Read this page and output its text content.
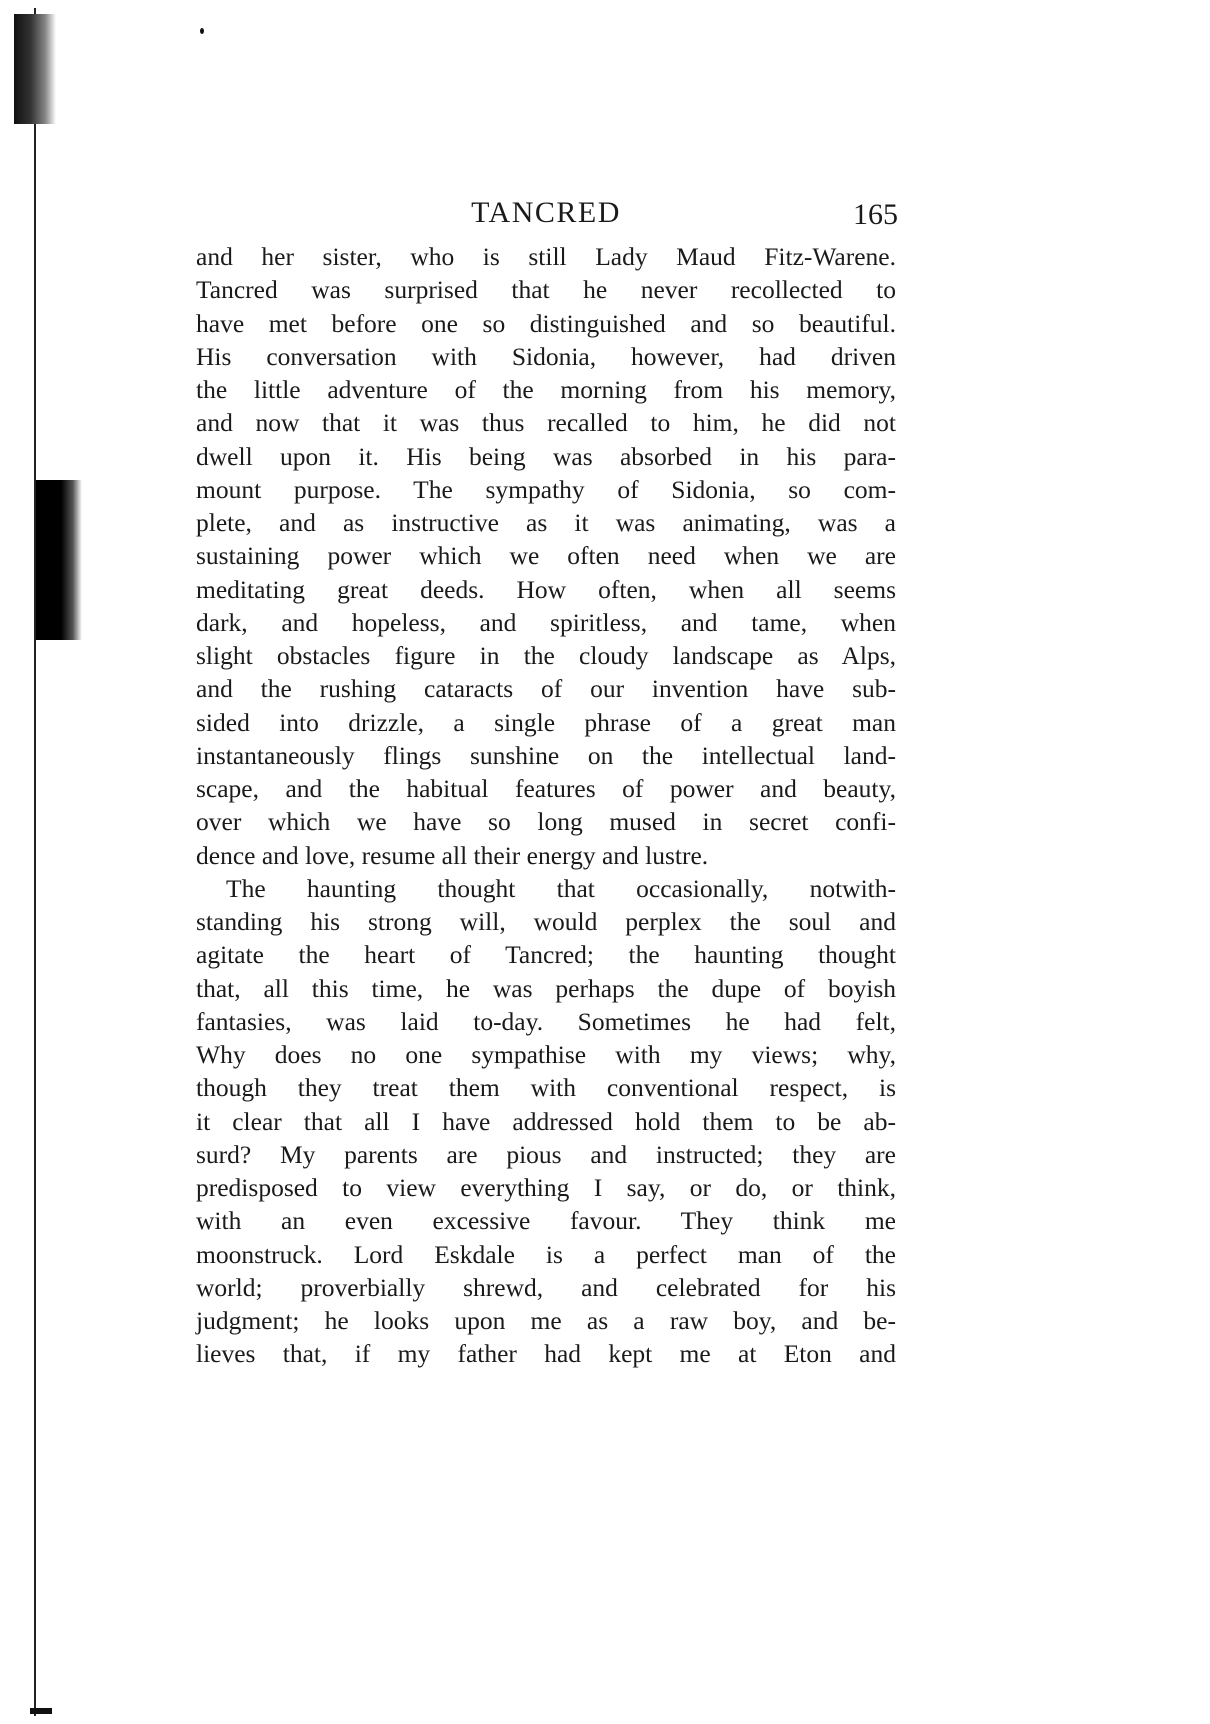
TANCRED	165
and her sister, who is still Lady Maud Fitz-Warene.
Tancred was surprised that he never recollected to
have met before one so distinguished and so beautiful.
His conversation with Sidonia, however, had driven
the little adventure of the morning from his memory,
and now that it was thus recalled to him, he did not
dwell upon it. His being was absorbed in his para-
mount purpose. The sympathy of Sidonia, so com-
plete, and as instructive as it was animating, was a
sustaining power which we often need when we are
meditating great deeds. How often, when all seems
dark, and hopeless, and spiritless, and tame, when
slight obstacles figure in the cloudy landscape as Alps,
and the rushing cataracts of our invention have sub-
sided into drizzle, a single phrase of a great man
instantaneously flings sunshine on the intellectual land-
scape, and the habitual features of power and beauty,
over which we have so long mused in secret confi-
dence and love, resume all their energy and lustre.
The haunting thought that occasionally, notwith-
standing his strong will, would perplex the soul and
agitate the heart of Tancred; the haunting thought
that, all this time, he was perhaps the dupe of boyish
fantasies, was laid to-day. Sometimes he had felt,
Why does no one sympathise with my views; why,
though they treat them with conventional respect, is
it clear that all I have addressed hold them to be ab-
surd? My parents are pious and instructed; they are
predisposed to view everything I say, or do, or think,
with an even excessive favour. They think me
moonstruck. Lord Eskdale is a perfect man of the
world; proverbially shrewd, and celebrated for his
judgment; he looks upon me as a raw boy, and be-
lieves that, if my father had kept me at Eton and
